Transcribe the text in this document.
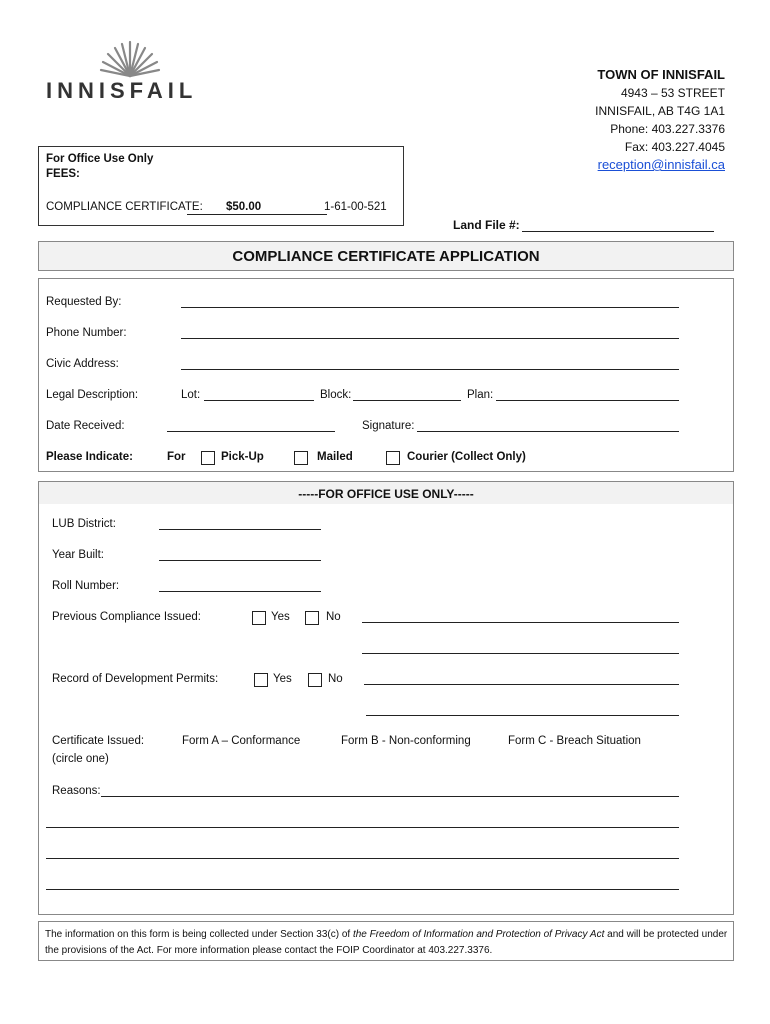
INNISFAIL
TOWN OF INNISFAIL
4943 – 53 STREET
INNISFAIL, AB T4G 1A1
Phone: 403.227.3376
Fax: 403.227.4045
reception@innisfail.ca
For Office Use Only
FEES:
COMPLIANCE CERTIFICATE: $50.00	1-61-00-521
Land File #:
COMPLIANCE CERTIFICATE APPLICATION
Requested By:
Phone Number:
Civic Address:
Legal Description:	Lot:	Block:	Plan:
Date Received:	Signature:
Please Indicate:	For	Pick-Up	Mailed	Courier (Collect Only)
-----FOR OFFICE USE ONLY-----
LUB District:
Year Built:
Roll Number:
Previous Compliance Issued:	Yes	No
Record of Development Permits:	Yes	No
Certificate Issued:
(circle one)
Form A – Conformance	Form B - Non-conforming	Form C - Breach Situation
Reasons:
The information on this form is being collected under Section 33(c) of the Freedom of Information and Protection of Privacy Act and will be protected under the provisions of the Act. For more information please contact the FOIP Coordinator at 403.227.3376.
